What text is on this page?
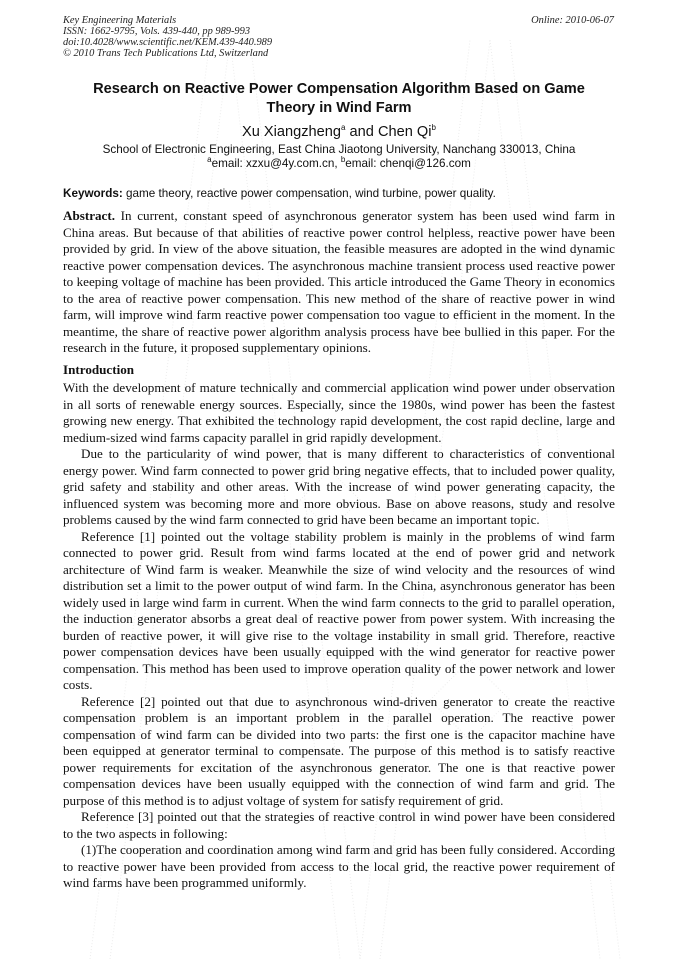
Key Engineering Materials
ISSN: 1662-9795, Vols. 439-440, pp 989-993
doi:10.4028/www.scientific.net/KEM.439-440.989
© 2010 Trans Tech Publications Ltd, Switzerland
Online: 2010-06-07
Research on Reactive Power Compensation Algorithm Based on Game
Theory in Wind Farm
Xu Xiangzheng$^a$ and Chen Qi$^b$
School of Electronic Engineering, East China Jiaotong University, Nanchang 330013, China
$^a$email: xzxu@4y.com.cn, $^b$email: chenqi@126.com
Keywords: game theory, reactive power compensation, wind turbine, power quality.
Abstract. In current, constant speed of asynchronous generator system has been used wind farm in China areas. But because of that abilities of reactive power control helpless, reactive power have been provided by grid. In view of the above situation, the feasible measures are adopted in the wind dynamic reactive power compensation devices. The asynchronous machine transient process used reactive power to keeping voltage of machine has been provided. This article introduced the Game Theory in economics to the area of reactive power compensation. This new method of the share of reactive power in wind farm, will improve wind farm reactive power compensation too vague to efficient in the moment. In the meantime, the share of reactive power algorithm analysis process have bee bullied in this paper. For the research in the future, it proposed supplementary opinions.
Introduction

With the development of mature technically and commercial application wind power under observation in all sorts of renewable energy sources. Especially, since the 1980s, wind power has been the fastest growing new energy. That exhibited the technology rapid development, the cost rapid decline, large and medium-sized wind farms capacity parallel in grid rapidly development.

Due to the particularity of wind power, that is many different to characteristics of conventional energy power. Wind farm connected to power grid bring negative effects, that to included power quality, grid safety and stability and other areas. With the increase of wind power generating capacity, the influenced system was becoming more and more obvious. Base on above reasons, study and resolve problems caused by the wind farm connected to grid have been became an important topic.

Reference [1] pointed out the voltage stability problem is mainly in the problems of wind farm connected to power grid. Result from wind farms located at the end of power grid and network architecture of Wind farm is weaker. Meanwhile the size of wind velocity and the resources of wind distribution set a limit to the power output of wind farm. In the China, asynchronous generator has been widely used in large wind farm in current. When the wind farm connects to the grid to parallel operation, the induction generator absorbs a great deal of reactive power from power system. With increasing the burden of reactive power, it will give rise to the voltage instability in small grid. Therefore, reactive power compensation devices have been usually equipped with the wind generator for reactive power compensation. This method has been used to improve operation quality of the power network and lower costs.

Reference [2] pointed out that due to asynchronous wind-driven generator to create the reactive compensation problem is an important problem in the parallel operation. The reactive power compensation of wind farm can be divided into two parts: the first one is the capacitor machine have been equipped at generator terminal to compensate. The purpose of this method is to satisfy reactive power requirements for excitation of the asynchronous generator. The one is that reactive power compensation devices have been usually equipped with the connection of wind farm and grid. The purpose of this method is to adjust voltage of system for satisfy requirement of grid.

Reference [3] pointed out that the strategies of reactive control in wind power have been considered to the two aspects in following:

(1)The cooperation and coordination among wind farm and grid has been fully considered. According to reactive power have been provided from access to the local grid, the reactive power requirement of wind farms have been programmed uniformly.
